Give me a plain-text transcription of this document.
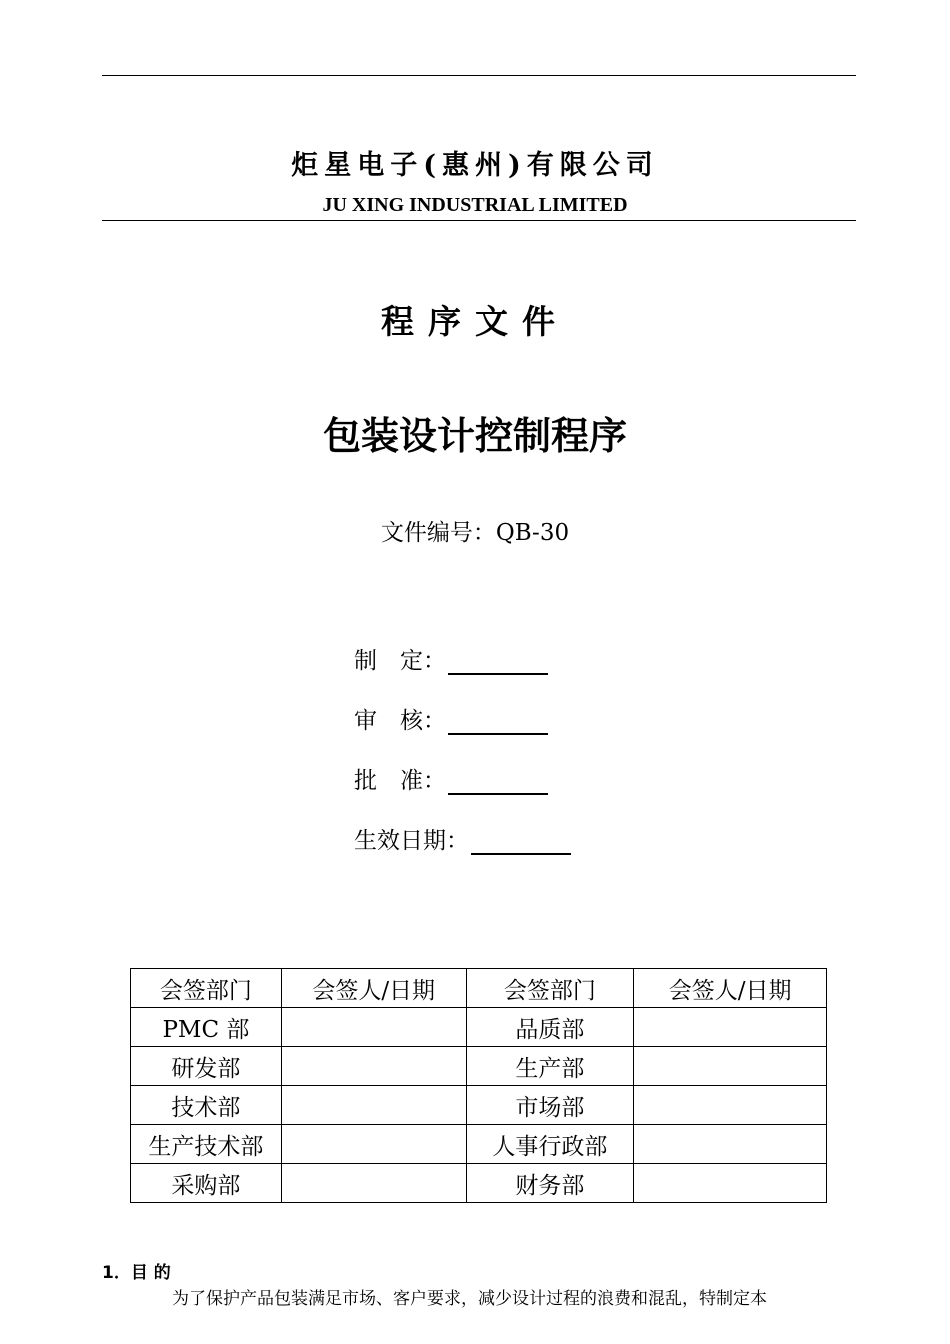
炬星电子(惠州)有限公司
JU XING INDUSTRIAL LIMITED
程序文件
包装设计控制程序
文件编号：QB-30
制　定：
审　核：
批　准：
生效日期：
会签部门	会签人/日期	会签部门	会签人/日期
PMC 部		品质部	
研发部		生产部	
技术部		市场部	
生产技术部		人事行政部	
采购部		财务部	
1．目 的
为了保护产品包装满足市场、客户要求，减少设计过程的浪费和混乱，特制定本
